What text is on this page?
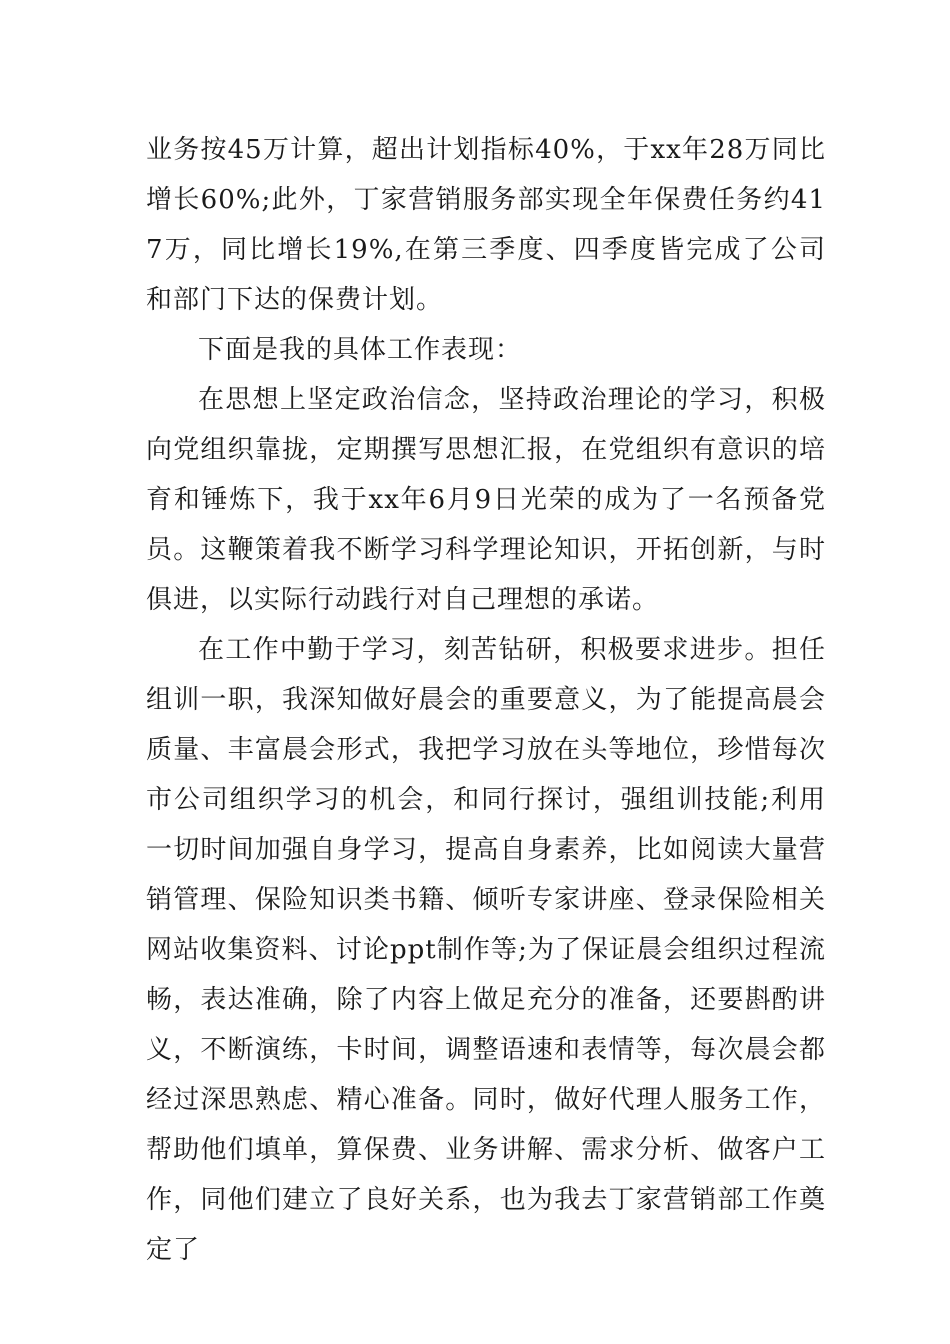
业务按45万计算，超出计划指标40%，于xx年28万同比增长60%;此外，丁家营销服务部实现全年保费任务约417万，同比增长19%,在第三季度、四季度皆完成了公司和部门下达的保费计划。

下面是我的具体工作表现：

在思想上坚定政治信念，坚持政治理论的学习，积极向党组织靠拢，定期撰写思想汇报，在党组织有意识的培育和锤炼下，我于xx年6月9日光荣的成为了一名预备党员。这鞭策着我不断学习科学理论知识，开拓创新，与时俱进，以实际行动践行对自己理想的承诺。

在工作中勤于学习，刻苦钻研，积极要求进步。担任组训一职，我深知做好晨会的重要意义，为了能提高晨会质量、丰富晨会形式，我把学习放在头等地位，珍惜每次市公司组织学习的机会，和同行探讨，强组训技能;利用一切时间加强自身学习，提高自身素养，比如阅读大量营销管理、保险知识类书籍、倾听专家讲座、登录保险相关网站收集资料、讨论ppt制作等;为了保证晨会组织过程流畅，表达准确，除了内容上做足充分的准备，还要斟酌讲义，不断演练，卡时间，调整语速和表情等，每次晨会都经过深思熟虑、精心准备。同时，做好代理人服务工作，帮助他们填单，算保费、业务讲解、需求分析、做客户工作，同他们建立了良好关系，也为我去丁家营销部工作奠定了
